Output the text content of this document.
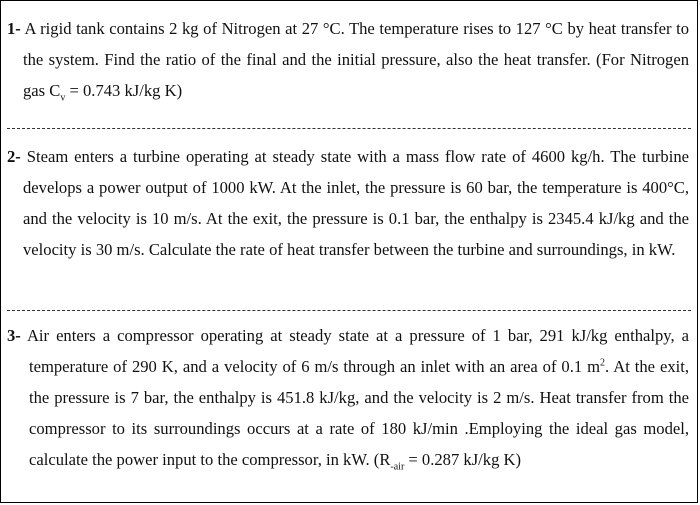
1- A rigid tank contains 2 kg of Nitrogen at 27 °C. The temperature rises to 127 °C by heat transfer to the system. Find the ratio of the final and the initial pressure, also the heat transfer. (For Nitrogen gas $C_v = 0.743$ kJ/kg K)

2- Steam enters a turbine operating at steady state with a mass flow rate of 4600 kg/h. The turbine develops a power output of 1000 kW. At the inlet, the pressure is 60 bar, the temperature is 400°C, and the velocity is 10 m/s. At the exit, the pressure is 0.1 bar, the enthalpy is 2345.4 kJ/kg and the velocity is 30 m/s. Calculate the rate of heat transfer between the turbine and surroundings, in kW.

3- Air enters a compressor operating at steady state at a pressure of 1 bar, 291 kJ/kg enthalpy, a temperature of 290 K, and a velocity of 6 m/s through an inlet with an area of 0.1 $m^2$. At the exit, the pressure is 7 bar, the enthalpy is 451.8 kJ/kg, and the velocity is 2 m/s. Heat transfer from the compressor to its surroundings occurs at a rate of 180 kJ/min .Employing the ideal gas model, calculate the power input to the compressor, in kW. ($R_{-air} = 0.287$ kJ/kg K)
